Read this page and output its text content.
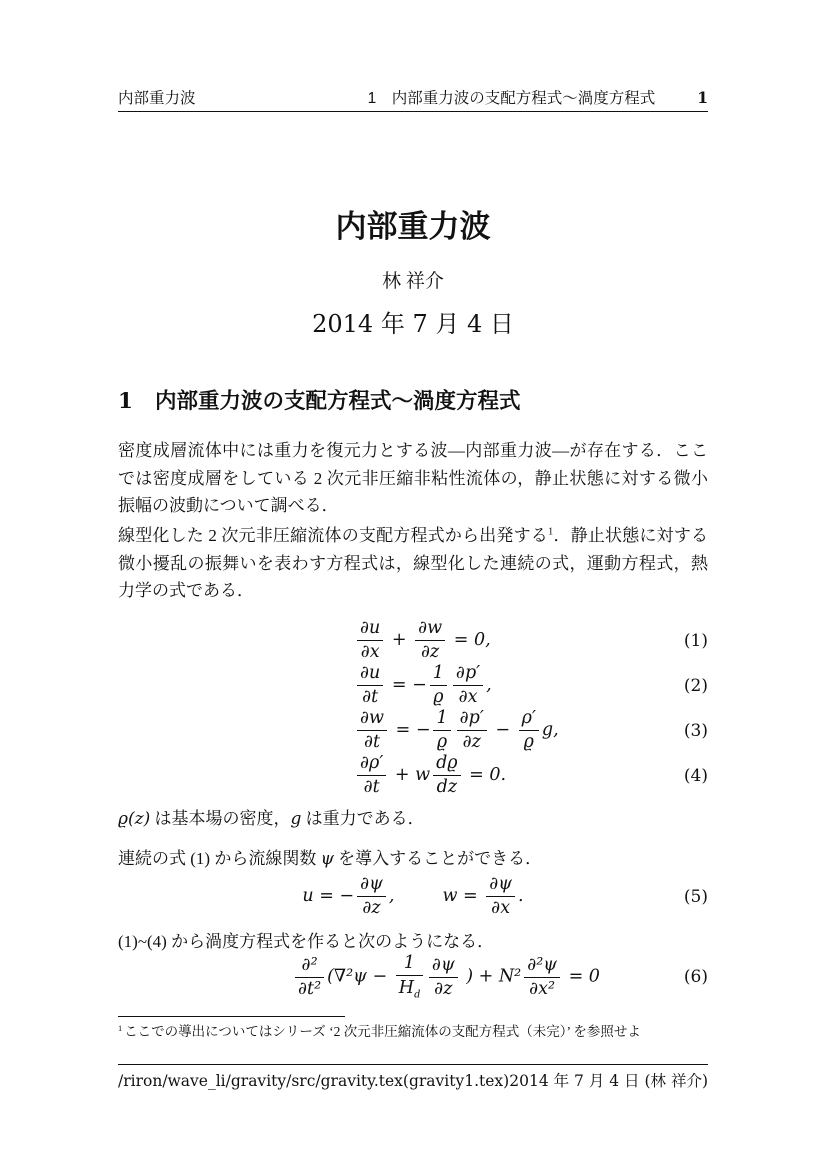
内部重力波	1　内部重力波の支配方程式～渦度方程式	1
内部重力波
林 祥介
2014 年 7 月 4 日
1 内部重力波の支配方程式～渦度方程式

密度成層流体中には重力を復元力とする波—内部重力波—が存在する．ここでは密度成層をしている 2 次元非圧縮非粘性流体の，静止状態に対する微小振幅の波動について調べる．

線型化した 2 次元非圧縮流体の支配方程式から出発する$^1$．静止状態に対する微小擾乱の振舞いを表わす方程式は，線型化した連続の式，運動方程式，熱力学の式である．

$\frac{\partial u}{\partial x} + \frac{\partial w}{\partial z} = 0$,	(1)
$\frac{\partial u}{\partial t}$ = − $\frac{1}{ϱ} \frac{\partial p'}{\partial x}$ ,	(2)
$\frac{\partial w}{\partial t}$ = − $\frac{1}{ϱ} \frac{\partial p'}{\partial z} - \frac{\rho'}{ϱ} g$,	(3)
$\frac{\partial\rho'}{\partial t} + w \frac{dϱ}{dz} = 0$.	(4)

ϱ(z) は基本場の密度，g は重力である．

連続の式 (1) から流線関数 ψ を導入することができる．

u = − $\frac{\partial\psi}{\partial z}$ ,	$w = \frac{\partial\psi}{\partial x}$ .	(5)

(1)~(4) から渦度方程式を作ると次のようになる．

$\frac{\text{∂²}}{\text{∂t²}} (\nabla^2\psi - \frac{1}{H_d} \frac{\partial\psi}{\partial z}$ ) + $N^2 \frac{\text{∂²ψ}}{\text{∂x²}} = 0$	(6)
$^1$ ここでの導出についてはシリーズ ‘2 次元非圧縮流体の支配方程式（未完）’ を参照せよ
/riron/wave_li/gravity/src/gravity.tex(gravity1.tex) 2014 年 7 月 4 日 (林 祥介)
